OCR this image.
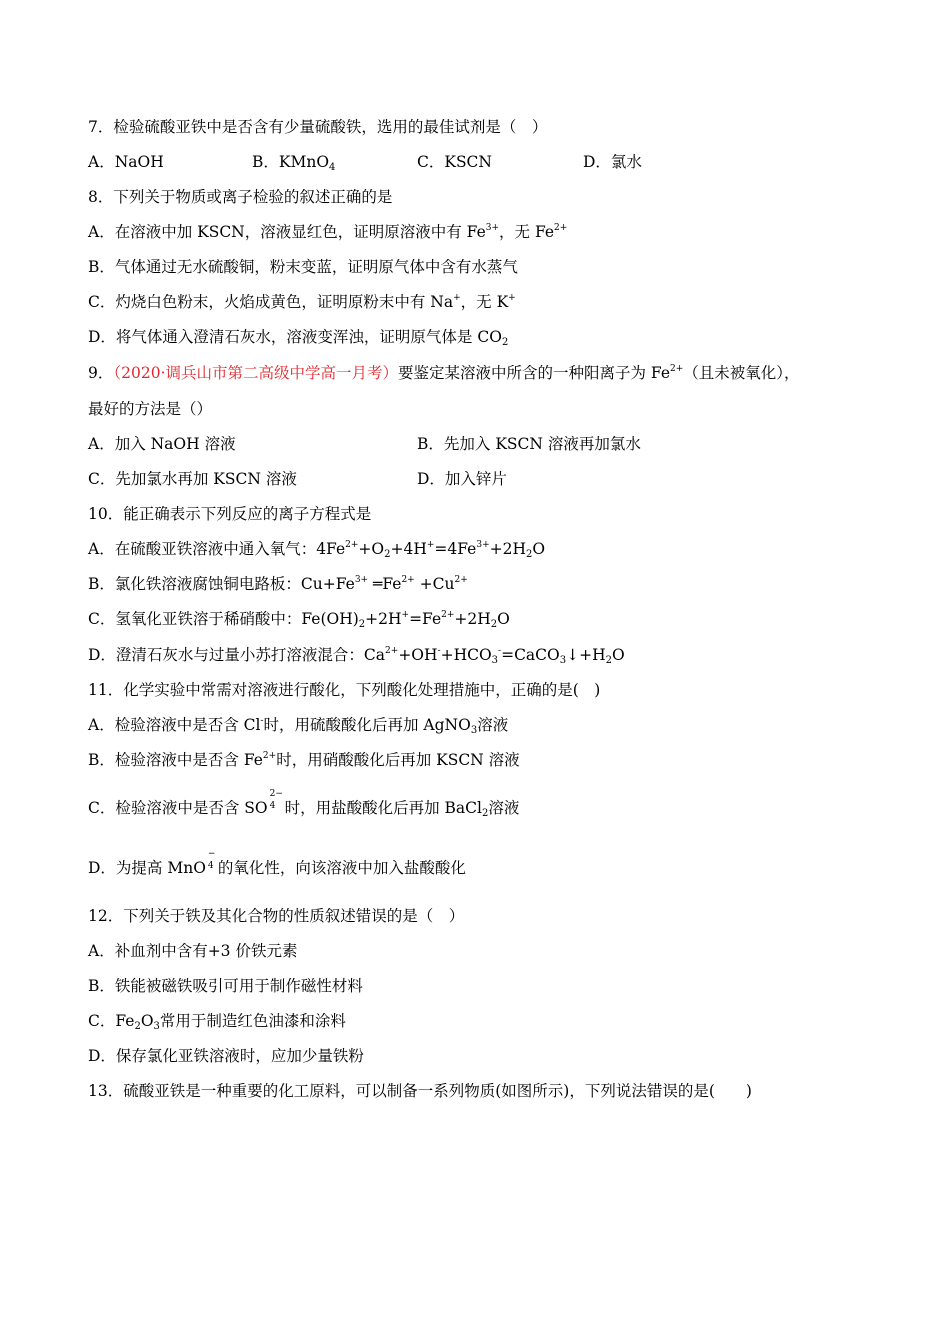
7．检验硫酸亚铁中是否含有少量硫酸铁，选用的最佳试剂是（　）
A．NaOH	B．KMnO$_4$	C．KSCN	D．氯水
8．下列关于物质或离子检验的叙述正确的是
A．在溶液中加 KSCN，溶液显红色，证明原溶液中有 $Fe^{3+}$，无 $Fe^{2+}$
B．气体通过无水硫酸铜，粉末变蓝，证明原气体中含有水蒸气
C．灼烧白色粉末，火焰成黄色，证明原粉末中有 Na+，无 K+
D．将气体通入澄清石灰水，溶液变浑浊，证明原气体是 $CO_2$
9．（2020·调兵山市第二高级中学高一月考）要鉴定某溶液中所含的一种阳离子为 $Fe^{2+}$（且未被氧化），
最好的方法是（）
A．加入 NaOH 溶液	B．先加入 KSCN 溶液再加氯水
C．先加氯水再加 KSCN 溶液	D．加入锌片
10．能正确表示下列反应的离子方程式是
A．在硫酸亚铁溶液中通入氧气：$4Fe^{2+}+O_2+4H^+=4Fe^{3+}+2H_2O$
B．氯化铁溶液腐蚀铜电路板：$Cu+Fe^{3+}$ $═Fe^{2+} +Cu^{2+}$
C．氢氧化亚铁溶于稀硝酸中：$Fe(OH)_2+2H^+=Fe^{2+}+2H_2O$
D．澄清石灰水与过量小苏打溶液混合：$Ca^{2+}+OH^-+HCO_3^-=CaCO_3↓+H_2O$
11．化学实验中常需对溶液进行酸化，下列酸化处理措施中，正确的是(　)
A．检验溶液中是否含 Cl-时，用硫酸酸化后再加 AgNO$_3$溶液
B．检验溶液中是否含 $Fe^{2+}$时，用硝酸酸化后再加 KSCN 溶液
C．检验溶液中是否含 SO
2−
4 时，用盐酸酸化后再加 BaCl$_2$溶液
D．为提高 MnO
−
4 的氧化性，向该溶液中加入盐酸酸化
12．下列关于铁及其化合物的性质叙述错误的是（　）
A．补血剂中含有+3 价铁元素
B．铁能被磁铁吸引可用于制作磁性材料
C．$Fe_2O_3$常用于制造红色油漆和涂料
D．保存氯化亚铁溶液时，应加少量铁粉
13．硫酸亚铁是一种重要的化工原料，可以制备一系列物质(如图所示)，下列说法错误的是(　　)
